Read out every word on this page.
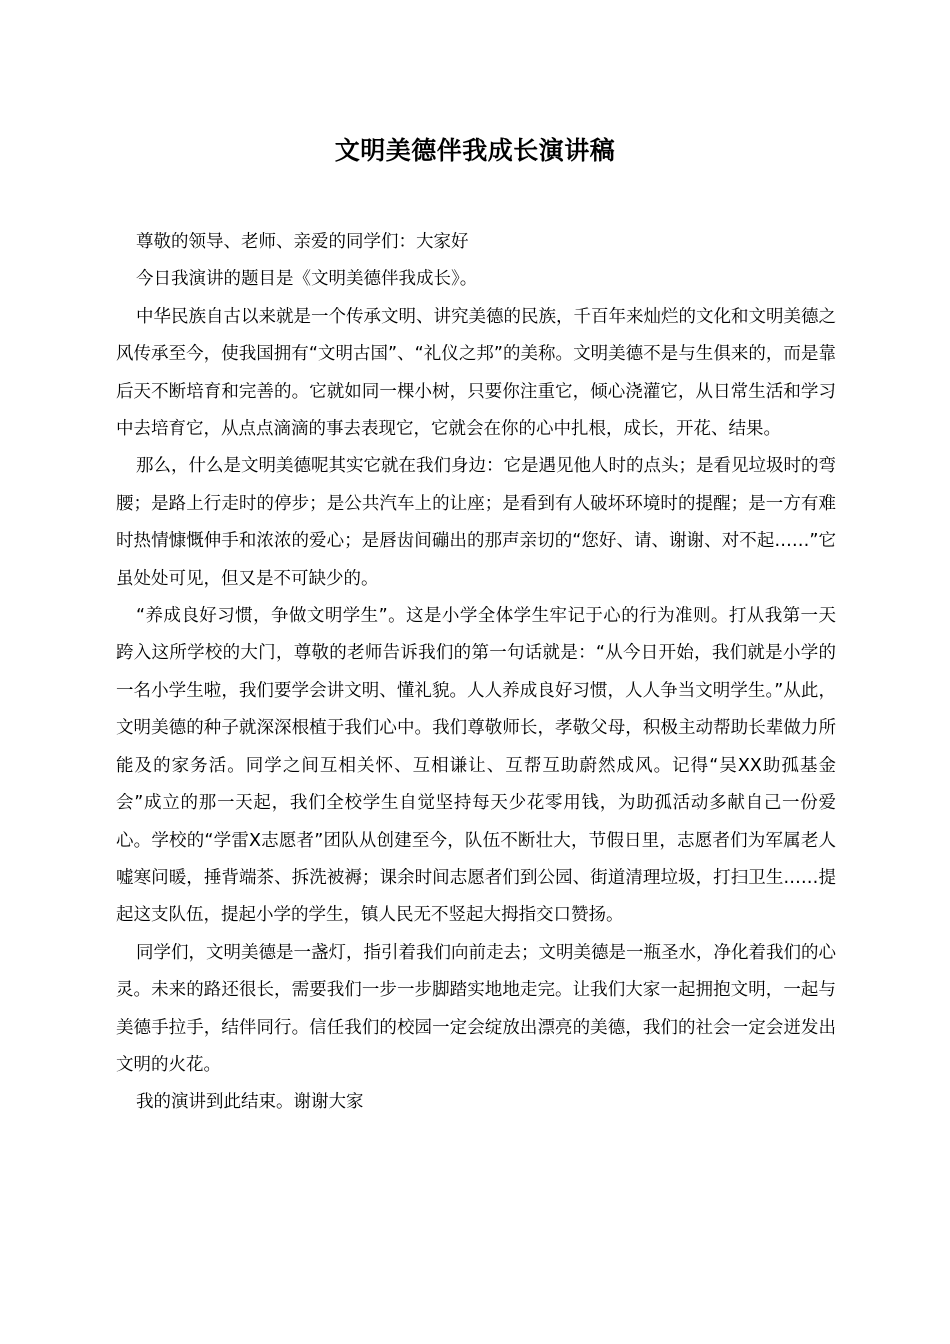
文明美德伴我成长演讲稿

尊敬的领导、老师、亲爱的同学们：大家好

今日我演讲的题目是《文明美德伴我成长》。

中华民族自古以来就是一个传承文明、讲究美德的民族，千百年来灿烂的文化和文明美德之风传承至今，使我国拥有“文明古国”、“礼仪之邦”的美称。文明美德不是与生俱来的，而是靠后天不断培育和完善的。它就如同一棵小树，只要你注重它，倾心浇灌它，从日常生活和学习中去培育它，从点点滴滴的事去表现它，它就会在你的心中扎根，成长，开花、结果。

那么，什么是文明美德呢其实它就在我们身边：它是遇见他人时的点头；是看见垃圾时的弯腰；是路上行走时的停步；是公共汽车上的让座；是看到有人破坏环境时的提醒；是一方有难时热情慷慨伸手和浓浓的爱心；是唇齿间磞出的那声亲切的“您好、请、谢谢、对不起……”它虽处处可见，但又是不可缺少的。

“养成良好习惯，争做文明学生”。这是小学全体学生牢记于心的行为准则。打从我第一天跨入这所学校的大门，尊敬的老师告诉我们的第一句话就是：“从今日开始，我们就是小学的一名小学生啦，我们要学会讲文明、懂礼貌。人人养成良好习惯，人人争当文明学生。”从此，文明美德的种子就深深根植于我们心中。我们尊敬师长，孝敬父母，积极主动帮助长辈做力所能及的家务活。同学之间互相关怀、互相谦让、互帮互助蔚然成风。记得“吴XX助孤基金会”成立的那一天起，我们全校学生自觉坚持每天少花零用钱，为助孤活动多献自己一份爱心。学校的“学雷X志愿者”团队从创建至今，队伍不断壮大，节假日里，志愿者们为军属老人嘘寒问暖，捶背端茶、拆洗被褥；课余时间志愿者们到公园、街道清理垃圾，打扫卫生……提起这支队伍，提起小学的学生，镇人民无不竖起大拇指交口赞扬。

同学们，文明美德是一盏灯，指引着我们向前走去；文明美德是一瓶圣水，净化着我们的心灵。未来的路还很长，需要我们一步一步脚踏实地地走完。让我们大家一起拥抱文明，一起与美德手拉手，结伴同行。信任我们的校园一定会绽放出漂亮的美德，我们的社会一定会迸发出文明的火花。

我的演讲到此结束。谢谢大家
